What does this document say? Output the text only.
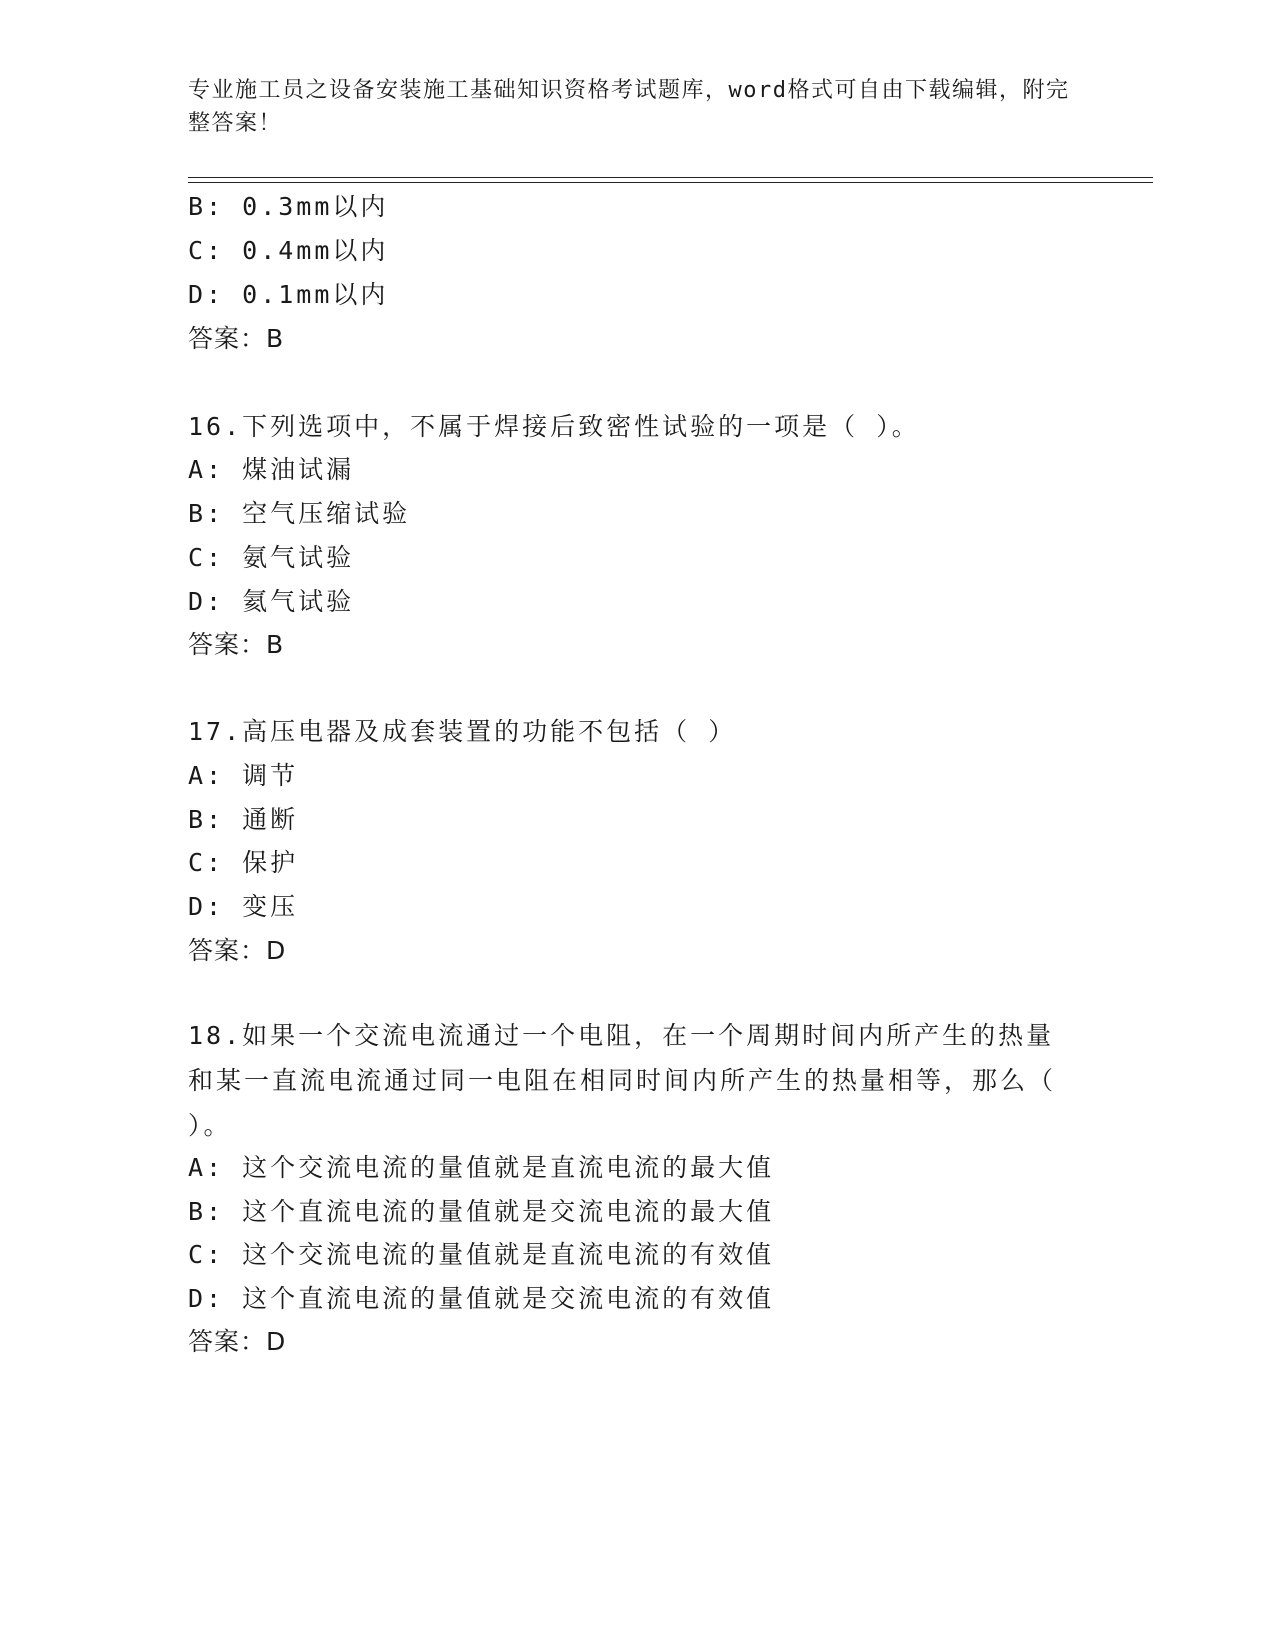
专业施工员之设备安装施工基础知识资格考试题库，word格式可自由下载编辑，附完整答案！

B: 0.3mm以内
C: 0.4mm以内
D: 0.1mm以内
答案：B
16.下列选项中，不属于焊接后致密性试验的一项是（ ）。
A: 煤油试漏
B: 空气压缩试验
C: 氨气试验
D: 氦气试验
答案：B
17.高压电器及成套装置的功能不包括（ ）
A: 调节
B: 通断
C: 保护
D: 变压
答案：D
18.如果一个交流电流通过一个电阻，在一个周期时间内所产生的热量和某一直流电流通过同一电阻在相同时间内所产生的热量相等，那么（ ）。
A: 这个交流电流的量值就是直流电流的最大值
B: 这个直流电流的量值就是交流电流的最大值
C: 这个交流电流的量值就是直流电流的有效值
D: 这个直流电流的量值就是交流电流的有效值
答案：D
